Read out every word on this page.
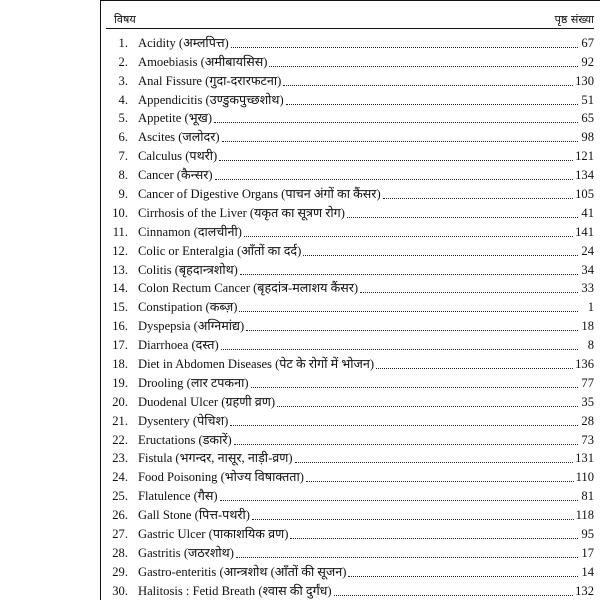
विषय	पृष्ठ संख्या
1. Acidity (अम्लपित्त)	67
2. Amoebiasis (अमीबायसिस)	92
3. Anal Fissure (गुदा-दरारफटना)	130
4. Appendicitis (उण्डुकपुच्छशोथ)	51
5. Appetite (भूख)	65
6. Ascites (जलोदर)	98
7. Calculus (पथरी)	121
8. Cancer (कैन्सर)	134
9. Cancer of Digestive Organs (पाचन अंगों का कैंसर)	105
10. Cirrhosis of the Liver (यकृत का सूत्रण रोग)	41
11. Cinnamon (दालचीनी)	141
12. Colic or Enteralgia (आँतों का दर्द)	24
13. Colitis (बृहदान्त्रशोथ)	34
14. Colon Rectum Cancer (बृहदांत्र-मलाशय कैंसर)	33
15. Constipation (कब्ज़)	1
16. Dyspepsia (अग्निमांद्य)	18
17. Diarrhoea (दस्त)	8
18. Diet in Abdomen Diseases (पेट के रोगों में भोजन)	136
19. Drooling (लार टपकना)	77
20. Duodenal Ulcer (ग्रहणी व्रण)	35
21. Dysentery (पेचिश)	28
22. Eructations (डकारें)	73
23. Fistula (भगन्दर, नासूर, नाड़ी-व्रण)	131
24. Food Poisoning (भोज्य विषाक्तता)	110
25. Flatulence (गैस)	81
26. Gall Stone (पित्त-पथरी)	118
27. Gastric Ulcer (पाकाशयिक व्रण)	95
28. Gastritis (जठरशोथ)	17
29. Gastro-enteritis (आन्त्रशोथ (आँतों की सूजन)	14
30. Halitosis : Fetid Breath (श्वास की दुर्गंध)	132
